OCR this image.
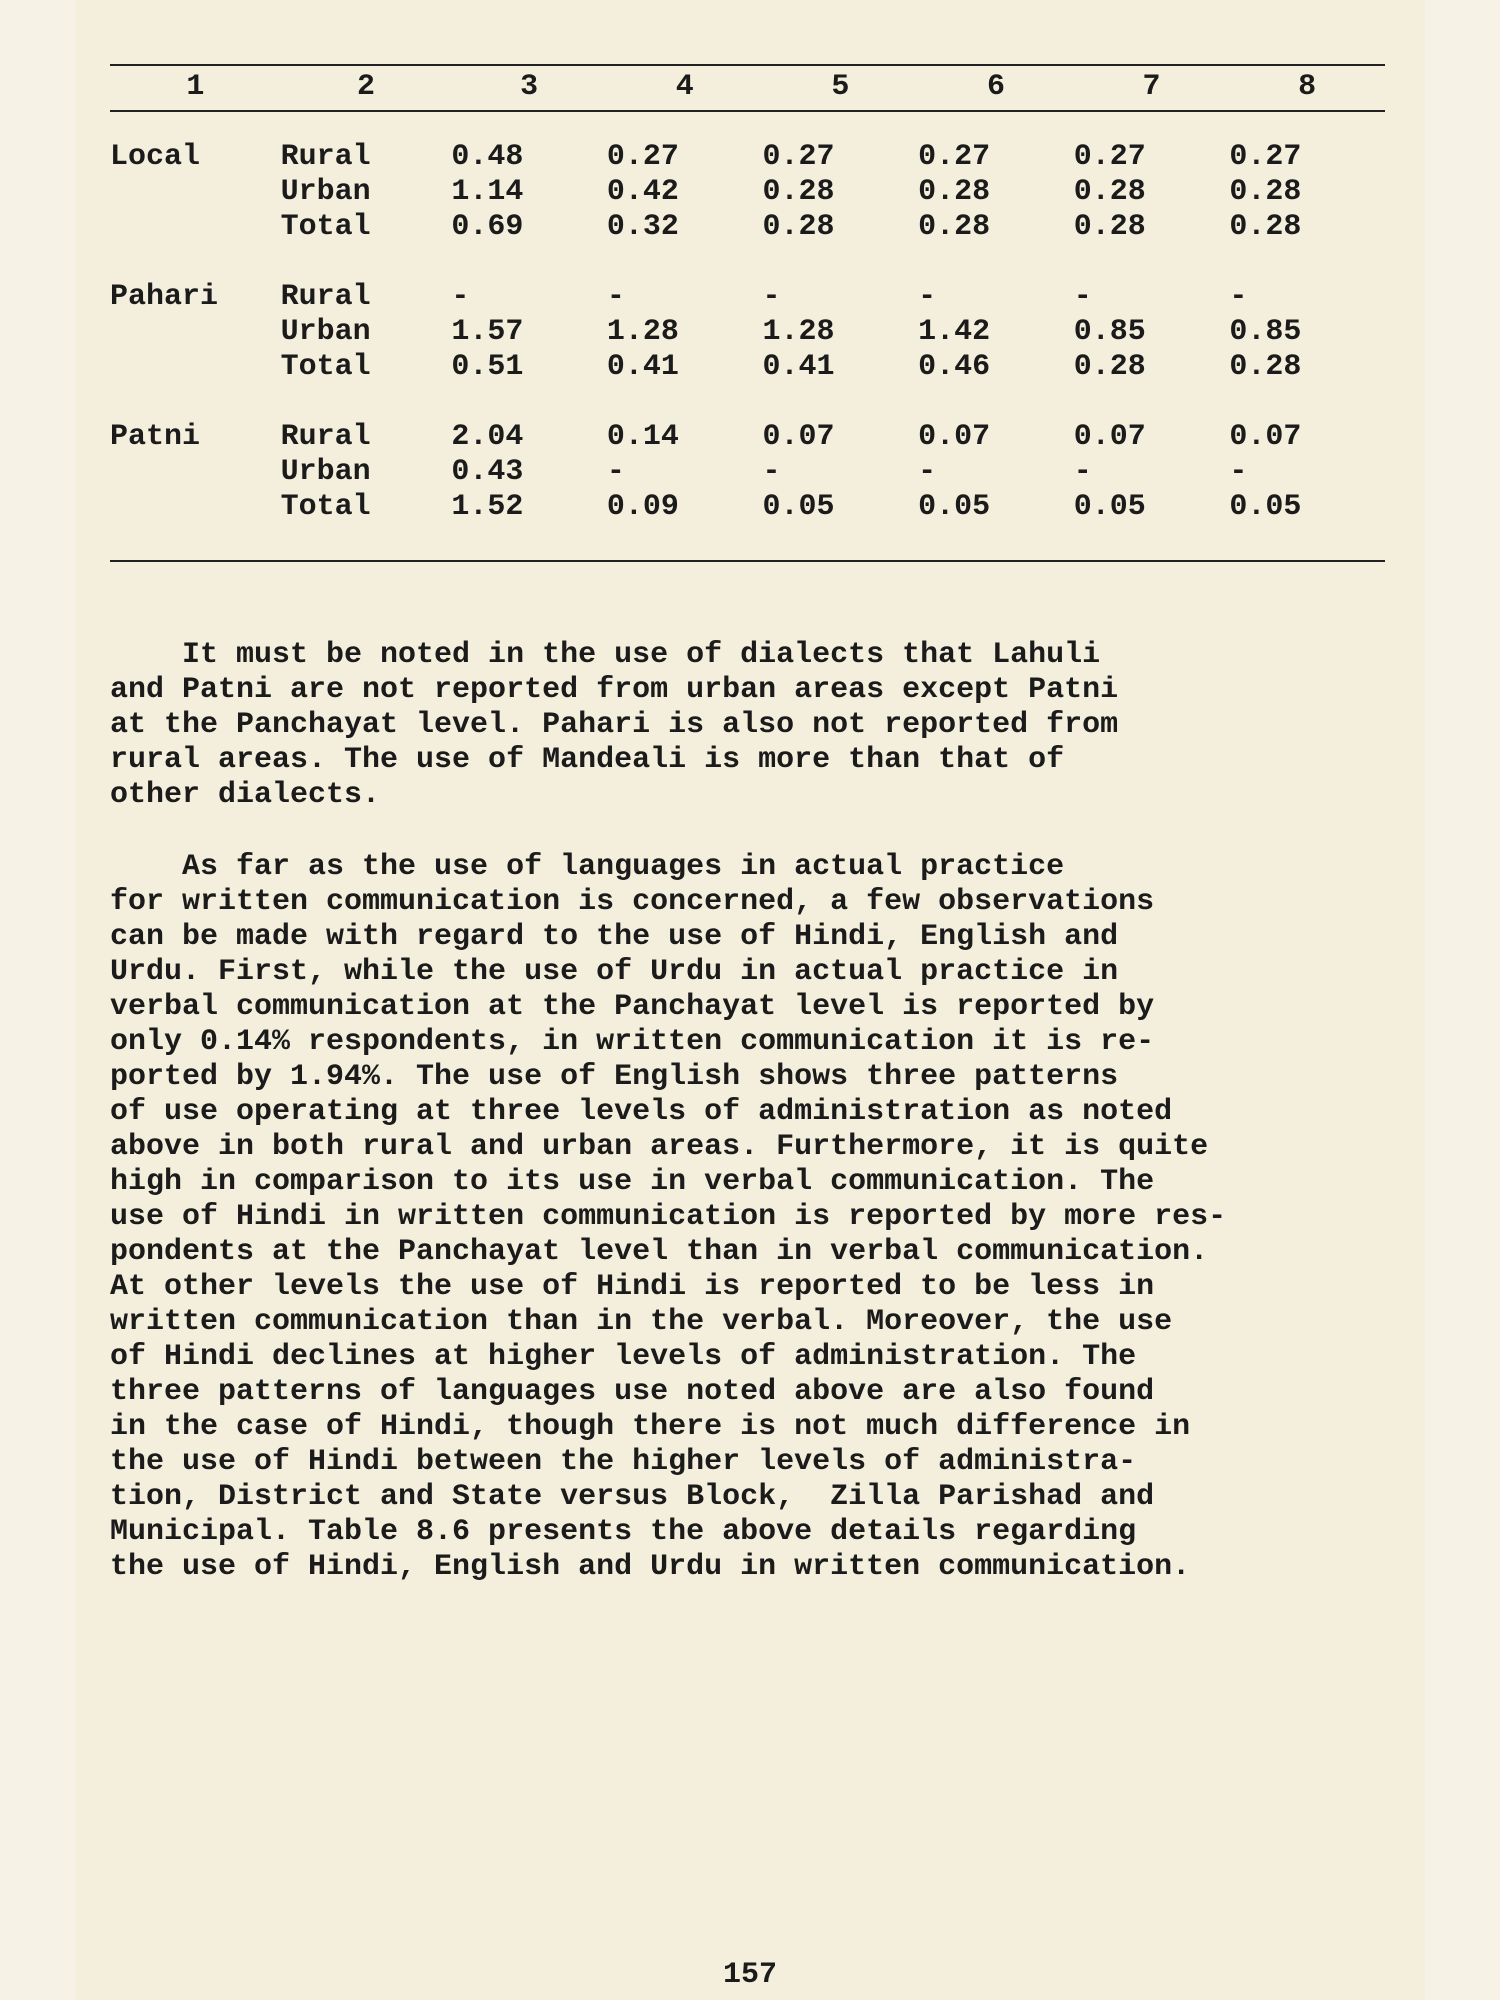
1	2	3	4	5	6	7	8

Local	Rural	0.48	0.27	0.27	0.27	0.27	0.27
	Urban	1.14	0.42	0.28	0.28	0.28	0.28
	Total	0.69	0.32	0.28	0.28	0.28	0.28

Pahari	Rural	-	-	-	-	-	-
	Urban	1.57	1.28	1.28	1.42	0.85	0.85
	Total	0.51	0.41	0.41	0.46	0.28	0.28

Patni	Rural	2.04	0.14	0.07	0.07	0.07	0.07
	Urban	0.43	-	-	-	-	-
	Total	1.52	0.09	0.05	0.05	0.05	0.05

It must be noted in the use of dialects that Lahuli
and Patni are not reported from urban areas except Patni
at the Panchayat level. Pahari is also not reported from
rural areas. The use of Mandeali is more than that of
other dialects.

As far as the use of languages in actual practice
for written communication is concerned, a few observations
can be made with regard to the use of Hindi, English and
Urdu. First, while the use of Urdu in actual practice in
verbal communication at the Panchayat level is reported by
only 0.14% respondents, in written communication it is re-
ported by 1.94%. The use of English shows three patterns
of use operating at three levels of administration as noted
above in both rural and urban areas. Furthermore, it is quite
high in comparison to its use in verbal communication. The
use of Hindi in written communication is reported by more res-
pondents at the Panchayat level than in verbal communication.
At other levels the use of Hindi is reported to be less in
written communication than in the verbal. Moreover, the use
of Hindi declines at higher levels of administration. The
three patterns of languages use noted above are also found
in the case of Hindi, though there is not much difference in
the use of Hindi between the higher levels of administra-
tion, District and State versus Block,  Zilla Parishad and
Municipal. Table 8.6 presents the above details regarding
the use of Hindi, English and Urdu in written communication.

157
